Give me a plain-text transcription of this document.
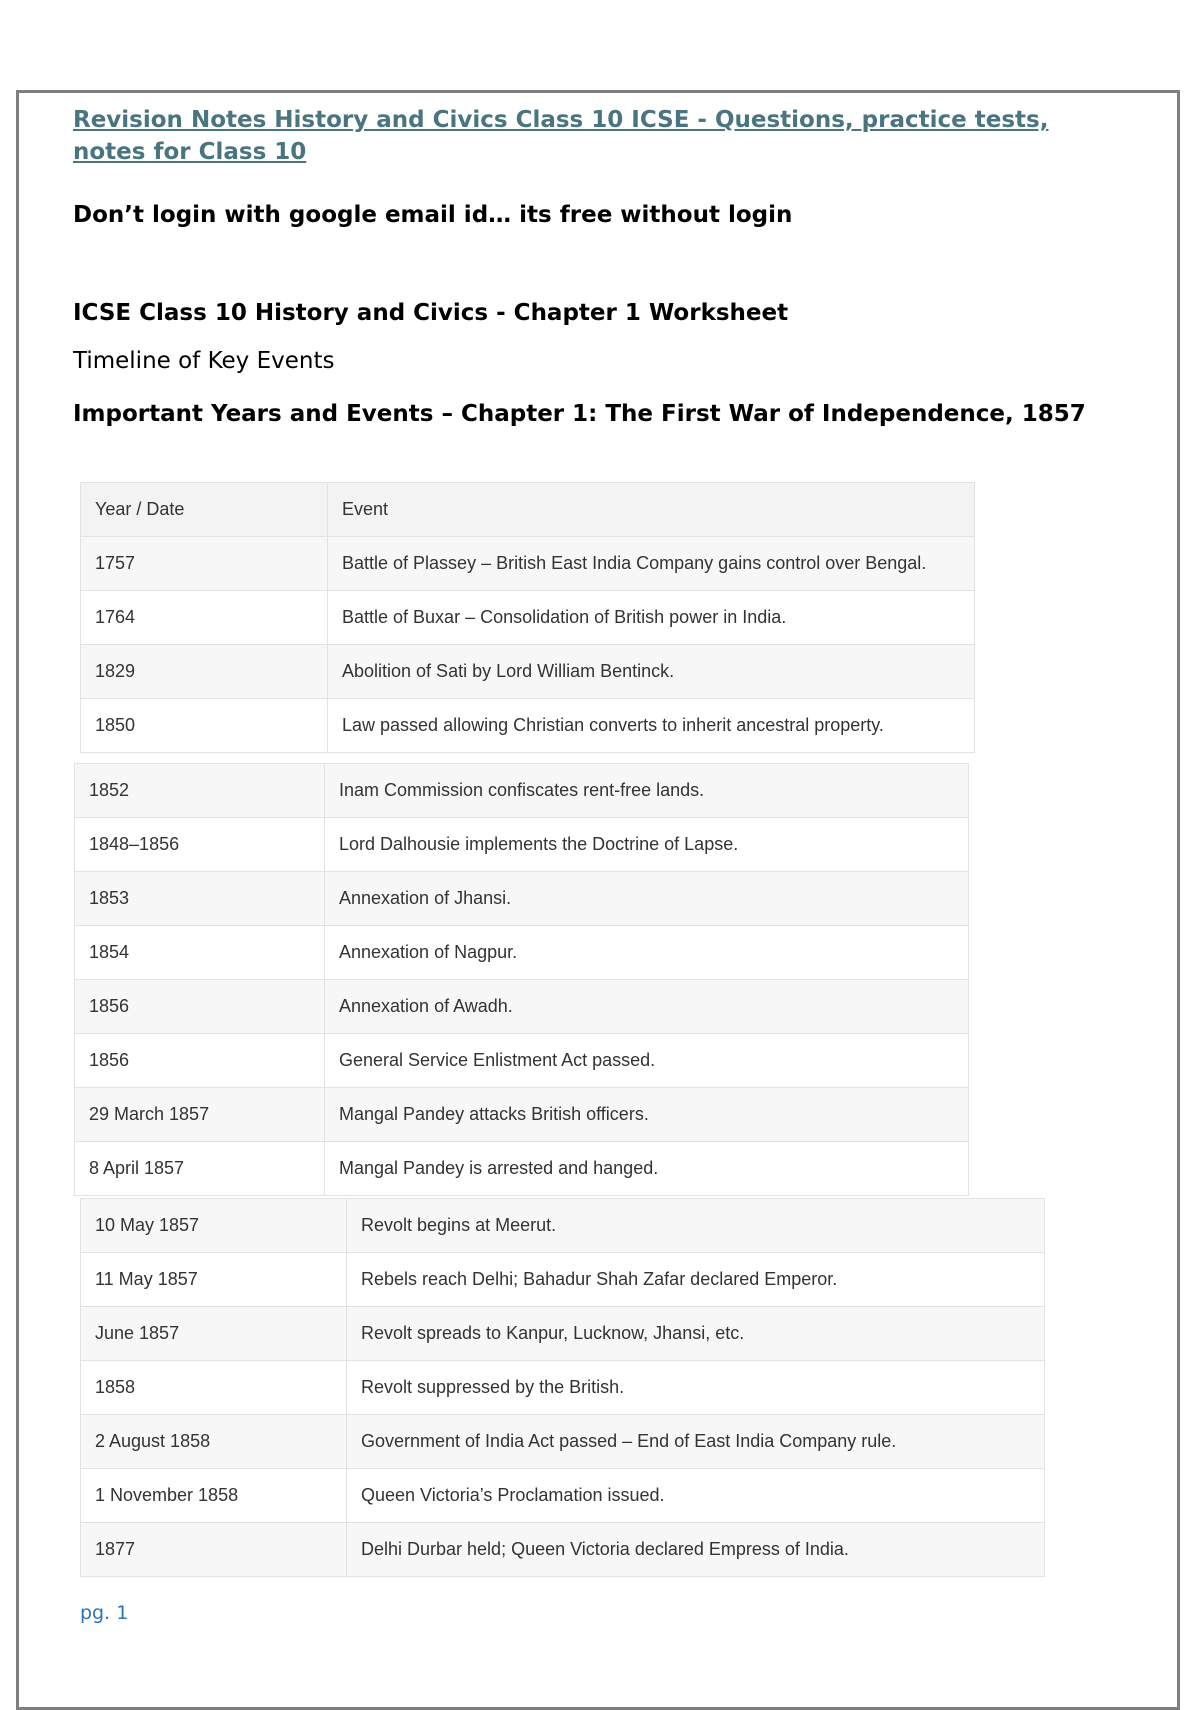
Revision Notes History and Civics Class 10 ICSE - Questions, practice tests, notes for Class 10
Don’t login with google email id… its free without login
ICSE Class 10 History and Civics - Chapter 1 Worksheet
Timeline of Key Events
Important Years and Events – Chapter 1: The First War of Independence, 1857
Year / Date	Event
1757	Battle of Plassey – British East India Company gains control over Bengal.
1764	Battle of Buxar – Consolidation of British power in India.
1829	Abolition of Sati by Lord William Bentinck.
1850	Law passed allowing Christian converts to inherit ancestral property.
1852	Inam Commission confiscates rent-free lands.
1848–1856	Lord Dalhousie implements the Doctrine of Lapse.
1853	Annexation of Jhansi.
1854	Annexation of Nagpur.
1856	Annexation of Awadh.
1856	General Service Enlistment Act passed.
29 March 1857	Mangal Pandey attacks British officers.
8 April 1857	Mangal Pandey is arrested and hanged.
10 May 1857	Revolt begins at Meerut.
11 May 1857	Rebels reach Delhi; Bahadur Shah Zafar declared Emperor.
June 1857	Revolt spreads to Kanpur, Lucknow, Jhansi, etc.
1858	Revolt suppressed by the British.
2 August 1858	Government of India Act passed – End of East India Company rule.
1 November 1858	Queen Victoria’s Proclamation issued.
1877	Delhi Durbar held; Queen Victoria declared Empress of India.
pg. 1
